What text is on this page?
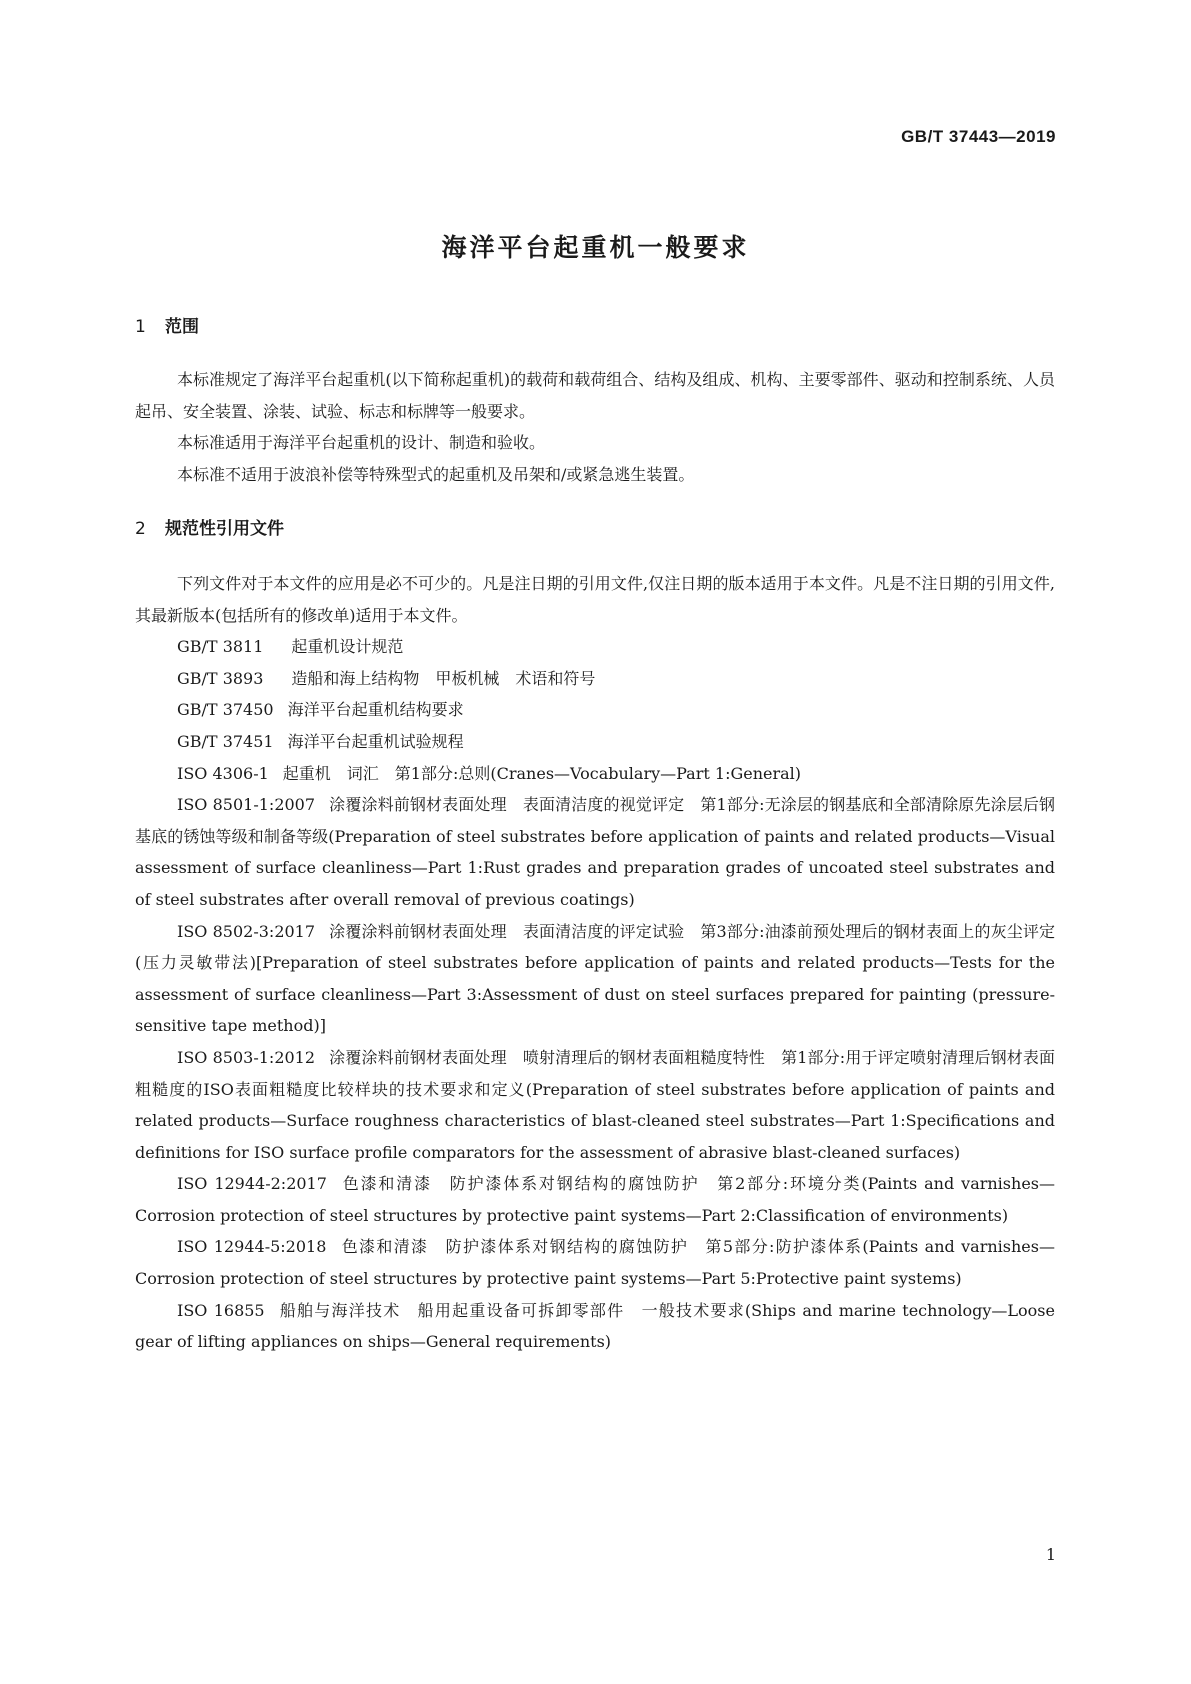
GB/T 37443—2019
海洋平台起重机一般要求
1 范围

本标准规定了海洋平台起重机(以下简称起重机)的载荷和载荷组合、结构及组成、机构、主要零部件、驱动和控制系统、人员起吊、安全装置、涂装、试验、标志和标牌等一般要求。

本标准适用于海洋平台起重机的设计、制造和验收。

本标准不适用于波浪补偿等特殊型式的起重机及吊架和/或紧急逃生装置。

2 规范性引用文件

下列文件对于本文件的应用是必不可少的。凡是注日期的引用文件,仅注日期的版本适用于本文件。凡是不注日期的引用文件,其最新版本(包括所有的修改单)适用于本文件。

GB/T 3811 起重机设计规范

GB/T 3893 造船和海上结构物　甲板机械　术语和符号

GB/T 37450 海洋平台起重机结构要求

GB/T 37451 海洋平台起重机试验规程

ISO 4306-1 起重机　词汇　第1部分:总则(Cranes—Vocabulary—Part 1:General)

ISO 8501-1:2007 涂覆涂料前钢材表面处理　表面清洁度的视觉评定　第1部分:无涂层的钢基底和全部清除原先涂层后钢基底的锈蚀等级和制备等级(Preparation of steel substrates before application of paints and related products—Visual assessment of surface cleanliness—Part 1:Rust grades and preparation grades of uncoated steel substrates and of steel substrates after overall removal of previous coatings)

ISO 8502-3:2017 涂覆涂料前钢材表面处理　表面清洁度的评定试验　第3部分:油漆前预处理后的钢材表面上的灰尘评定(压力灵敏带法)[Preparation of steel substrates before application of paints and related products—Tests for the assessment of surface cleanliness—Part 3:Assessment of dust on steel surfaces prepared for painting (pressure-sensitive tape method)]

ISO 8503-1:2012 涂覆涂料前钢材表面处理　喷射清理后的钢材表面粗糙度特性　第1部分:用于评定喷射清理后钢材表面粗糙度的ISO表面粗糙度比较样块的技术要求和定义(Preparation of steel substrates before application of paints and related products—Surface roughness characteristics of blast-cleaned steel substrates—Part 1:Specifications and definitions for ISO surface profile comparators for the assessment of abrasive blast-cleaned surfaces)

ISO 12944-2:2017 色漆和清漆　防护漆体系对钢结构的腐蚀防护　第2部分:环境分类(Paints and varnishes—Corrosion protection of steel structures by protective paint systems—Part 2:Classification of environments)

ISO 12944-5:2018 色漆和清漆　防护漆体系对钢结构的腐蚀防护　第5部分:防护漆体系(Paints and varnishes—Corrosion protection of steel structures by protective paint systems—Part 5:Protective paint systems)

ISO 16855 船舶与海洋技术　船用起重设备可拆卸零部件　一般技术要求(Ships and marine technology—Loose gear of lifting appliances on ships—General requirements)

1
